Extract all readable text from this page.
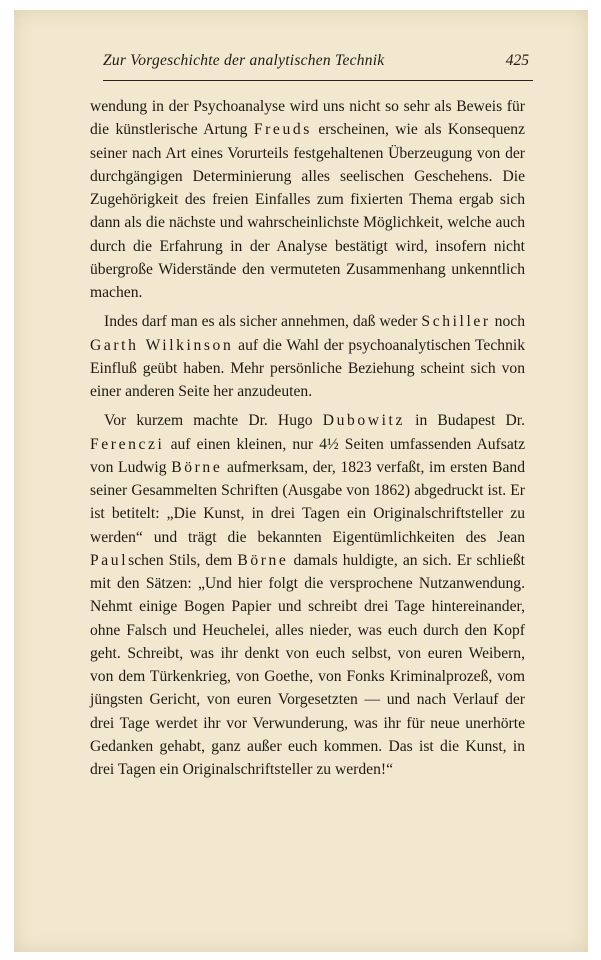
Zur Vorgeschichte der analytischen Technik	425

wendung in der Psychoanalyse wird uns nicht so sehr als Beweis für die künstlerische Artung Freuds erscheinen, wie als Konsequenz seiner nach Art eines Vorurteils festgehaltenen Überzeugung von der durchgängigen Determinierung alles seelischen Geschehens. Die Zugehörigkeit des freien Einfalles zum fixierten Thema ergab sich dann als die nächste und wahrscheinlichste Möglichkeit, welche auch durch die Erfahrung in der Analyse bestätigt wird, insofern nicht übergroße Widerstände den vermuteten Zusammenhang unkenntlich machen.

Indes darf man es als sicher annehmen, daß weder Schiller noch Garth Wilkinson auf die Wahl der psychoanalytischen Technik Einfluß geübt haben. Mehr persönliche Beziehung scheint sich von einer anderen Seite her anzudeuten.

Vor kurzem machte Dr. Hugo Dubowitz in Budapest Dr. Ferenczi auf einen kleinen, nur 4½ Seiten umfassenden Aufsatz von Ludwig Börne aufmerksam, der, 1823 verfaßt, im ersten Band seiner Gesammelten Schriften (Ausgabe von 1862) abgedruckt ist. Er ist betitelt: „Die Kunst, in drei Tagen ein Originalschriftsteller zu werden“ und trägt die bekannten Eigentümlichkeiten des Jean Paulschen Stils, dem Börne damals huldigte, an sich. Er schließt mit den Sätzen: „Und hier folgt die versprochene Nutzanwendung. Nehmt einige Bogen Papier und schreibt drei Tage hintereinander, ohne Falsch und Heuchelei, alles nieder, was euch durch den Kopf geht. Schreibt, was ihr denkt von euch selbst, von euren Weibern, von dem Türkenkrieg, von Goethe, von Fonks Kriminalprozeß, vom jüngsten Gericht, von euren Vorgesetzten — und nach Verlauf der drei Tage werdet ihr vor Verwunderung, was ihr für neue unerhörte Gedanken gehabt, ganz außer euch kommen. Das ist die Kunst, in drei Tagen ein Originalschriftsteller zu werden!“
